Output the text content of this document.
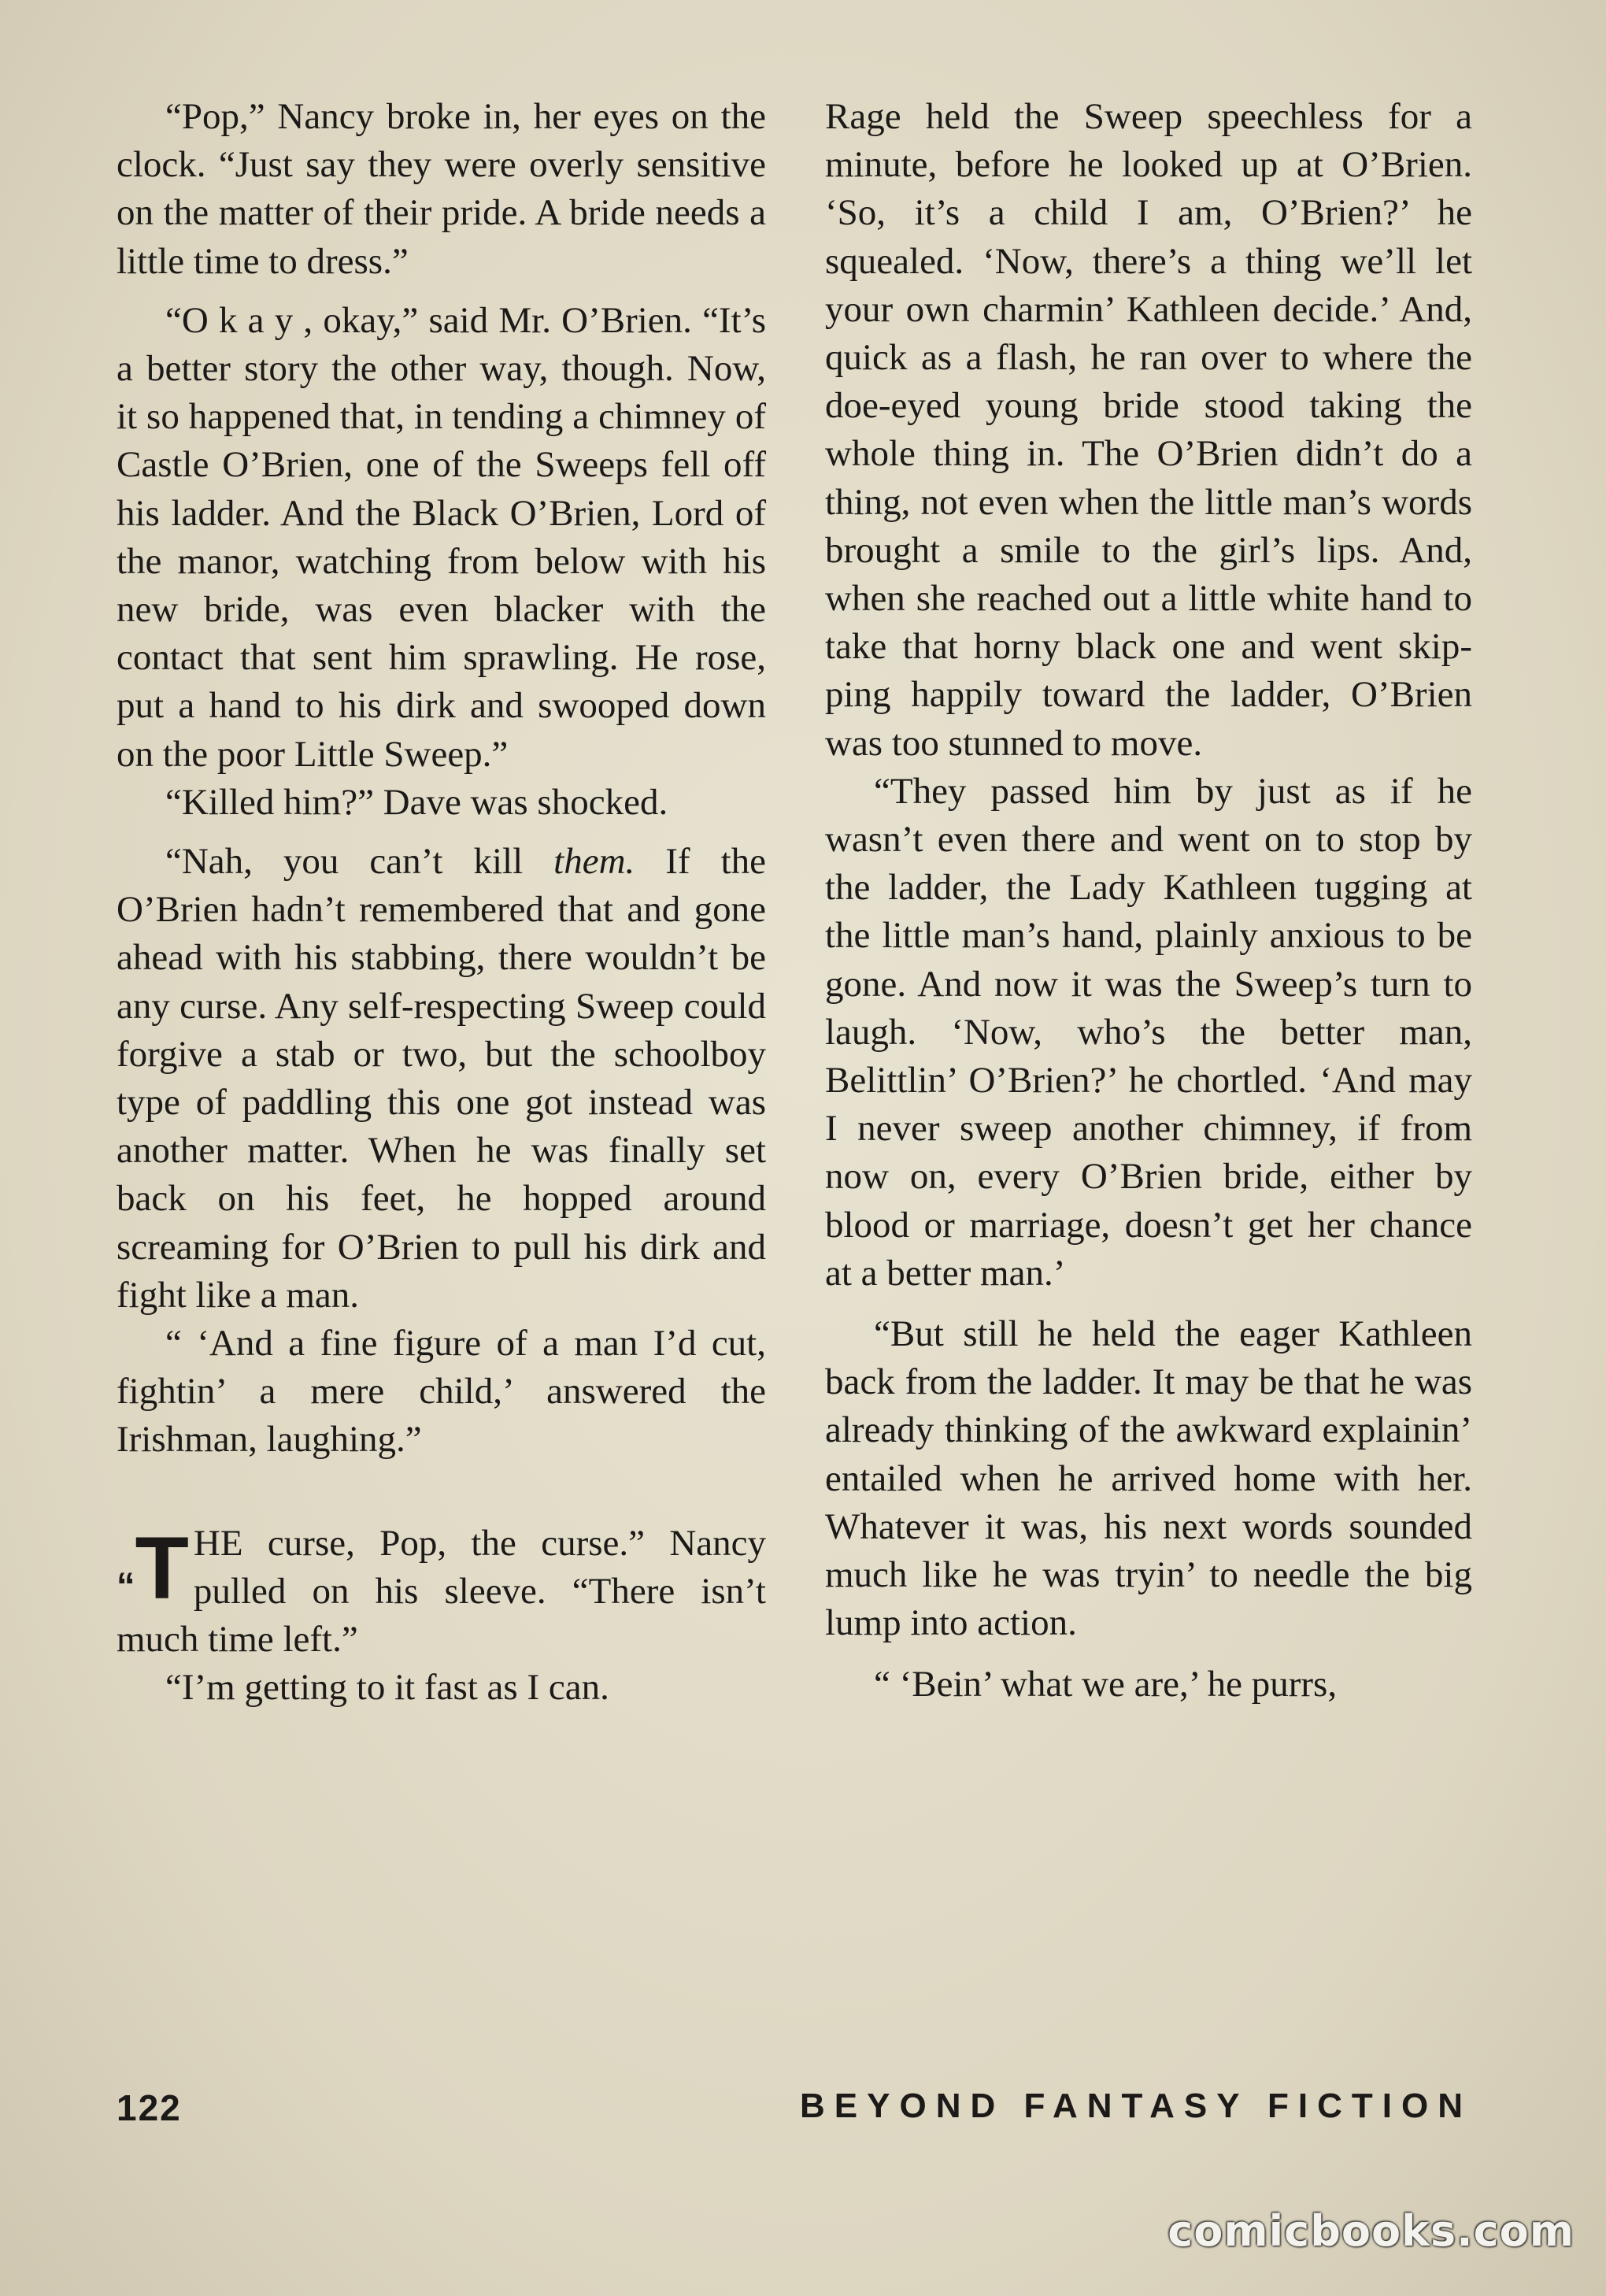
“Pop,” Nancy broke in, her eyes on the clock. “Just say they were overly sensitive on the matter of their pride. A bride needs a little time to dress.”

“O k a y , okay,” said Mr. O’Brien. “It’s a better story the other way, though. Now, it so happened that, in tending a chimney of Castle O’Brien, one of the Sweeps fell off his ladder. And the Black O’Brien, Lord of the manor, watching from below with his new bride, was even blacker with the contact that sent him sprawling. He rose, put a hand to his dirk and swooped down on the poor Little Sweep.”

“Killed him?” Dave was shocked.

“Nah, you can’t kill them. If the O’Brien hadn’t remembered that and gone ahead with his stabbing, there wouldn’t be any curse. Any self-respecting Sweep could forgive a stab or two, but the schoolboy type of paddling this one got instead was another matter. When he was finally set back on his feet, he hopped around screaming for O’Brien to pull his dirk and fight like a man.

“ ‘And a fine figure of a man I’d cut, fightin’ a mere child,’ answered the Irishman, laughing.”

“T HE curse, Pop, the curse.” Nancy pulled on his sleeve. “There isn’t much time left.”

“I’m getting to it fast as I can.

Rage held the Sweep speechless for a minute, before he looked up at O’Brien. ‘So, it’s a child I am, O’Brien?’ he squealed. ‘Now, there’s a thing we’ll let your own charmin’ Kathleen decide.’ And, quick as a flash, he ran over to where the doe-eyed young bride stood taking the whole thing in. The O’Brien didn’t do a thing, not even when the little man’s words brought a smile to the girl’s lips. And, when she reached out a little white hand to take that horny black one and went skipping happily toward the ladder, O’Brien was too stunned to move.

“They passed him by just as if he wasn’t even there and went on to stop by the ladder, the Lady Kathleen tugging at the little man’s hand, plainly anxious to be gone. And now it was the Sweep’s turn to laugh. ‘Now, who’s the better man, Belittlin’ O’Brien?’ he chortled. ‘And may I never sweep another chimney, if from now on, every O’Brien bride, either by blood or marriage, doesn’t get her chance at a better man.’

“But still he held the eager Kathleen back from the ladder. It may be that he was already thinking of the awkward explainin’ entailed when he arrived home with her. Whatever it was, his next words sounded much like he was tryin’ to needle the big lump into action.

“ ‘Bein’ what we are,’ he purrs,

122	BEYOND FANTASY FICTION
comicbooks.com
